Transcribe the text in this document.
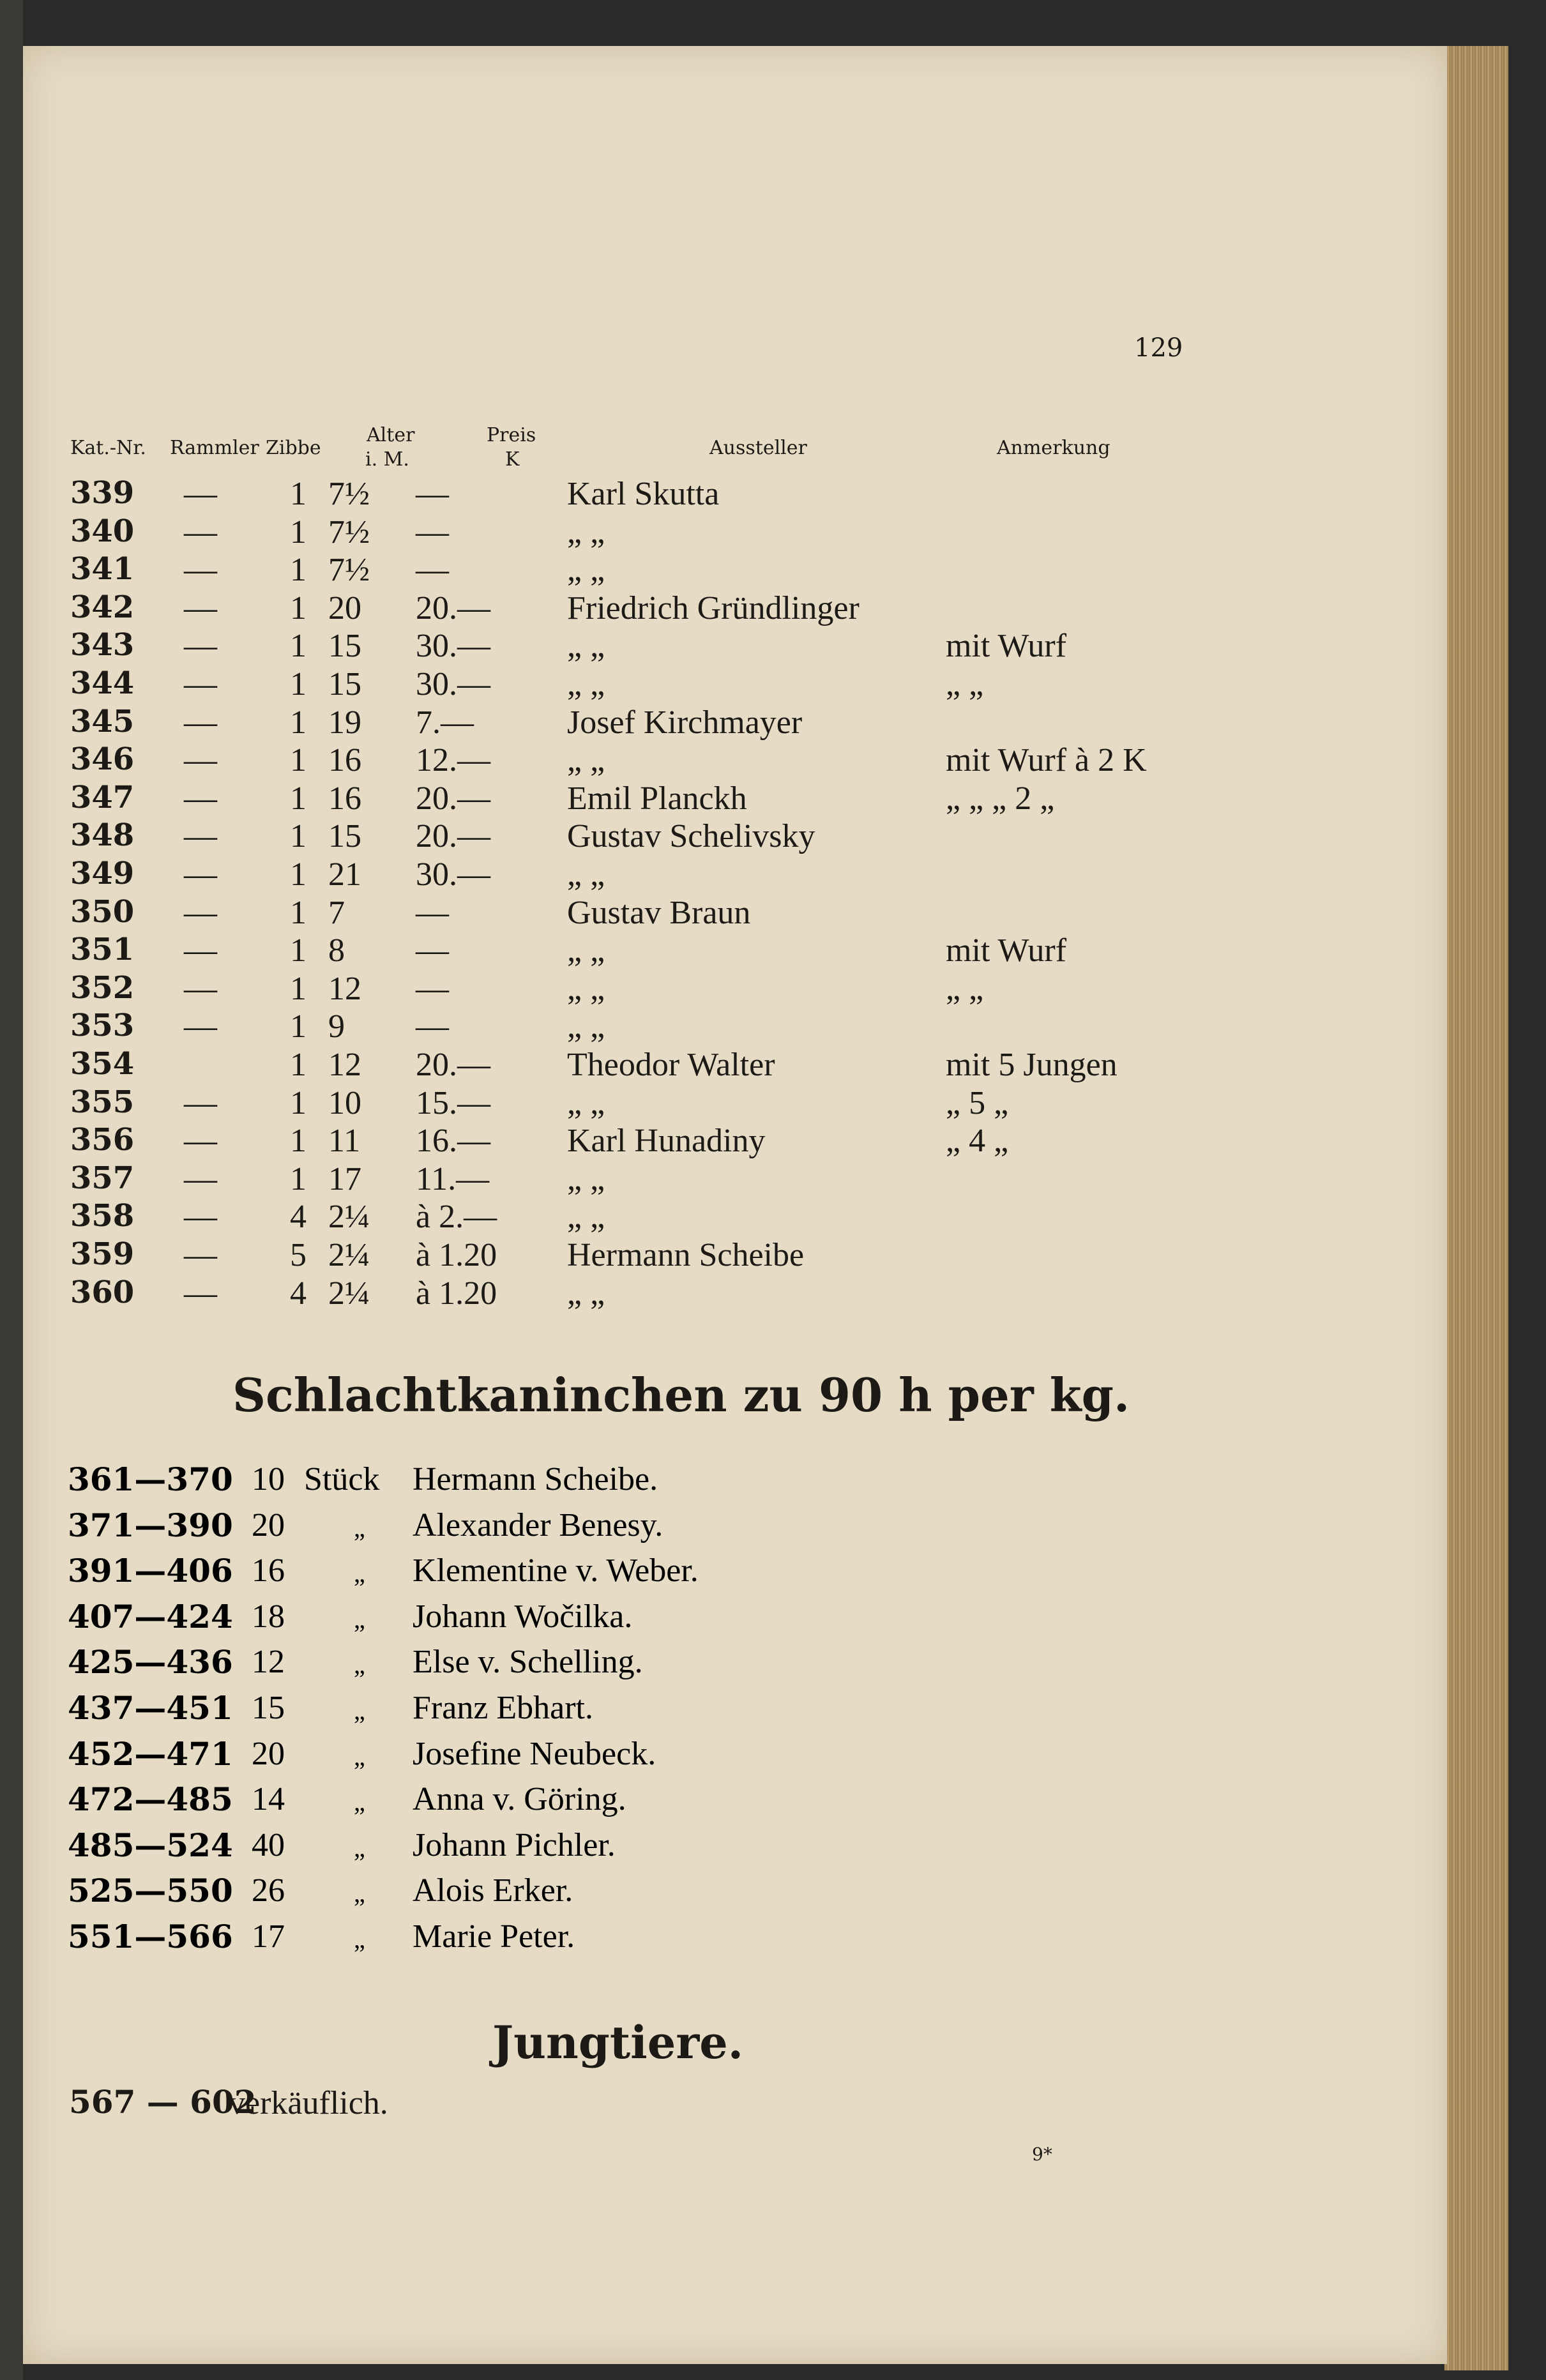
129
Kat.-Nr. Rammler Zibbe
Alter
i. M.
Preis
K
Aussteller	Anmerkung
339 — 1 7½ —	Karl Skutta
340 — 1 7½ —	„ „
341 — 1 7½ —	„ „
342 — 1 20 20.— Friedrich Gründlinger
343 — 1 15 30.— „ „	mit Wurf
344 — 1 15 30.— „ „	„ „
345 — 1 19 7.—	Josef Kirchmayer
346 — 1 16 12.— „ „	mit Wurf à 2 K
347 — 1 16 20.— Emil Planckh	„ „ „ 2 „
348 — 1 15 20.— Gustav Schelivsky
349 — 1 21 30.— „ „
350 — 1 7 —	Gustav Braun
351 — 1 8 —	„ „	mit Wurf
352 — 1 12 —	„ „	„ „
353 — 1 9 —	„ „
354	1 12 20.— Theodor Walter	mit 5 Jungen
355 — 1 10 15.— „ „	„ 5 „
356 — 1 11 16.— Karl Hunadiny	„ 4 „
357 — 1 17 11.— „ „
358 — 4 2¼ à 2.— „ „
359 — 5 2¼ à 1.20 Hermann Scheibe
360 — 4 2¼ à 1.20 „ „
Schlachtkaninchen zu 90 h per kg.
361—370 10 Stück Hermann Scheibe.
371—390 20	„ Alexander Benesy.
391—406 16	„ Klementine v. Weber.
407—424 18	„ Johann Wočilka.
425—436 12	„ Else v. Schelling.
437—451 15	„ Franz Ebhart.
452—471 20	„ Josefine Neubeck.
472—485 14	„ Anna v. Göring.
485—524 40	„ Johann Pichler.
525—550 26	„ Alois Erker.
551—566 17	„ Marie Peter.
Jungtiere.
567 — 602
verkäuflich.
9*
